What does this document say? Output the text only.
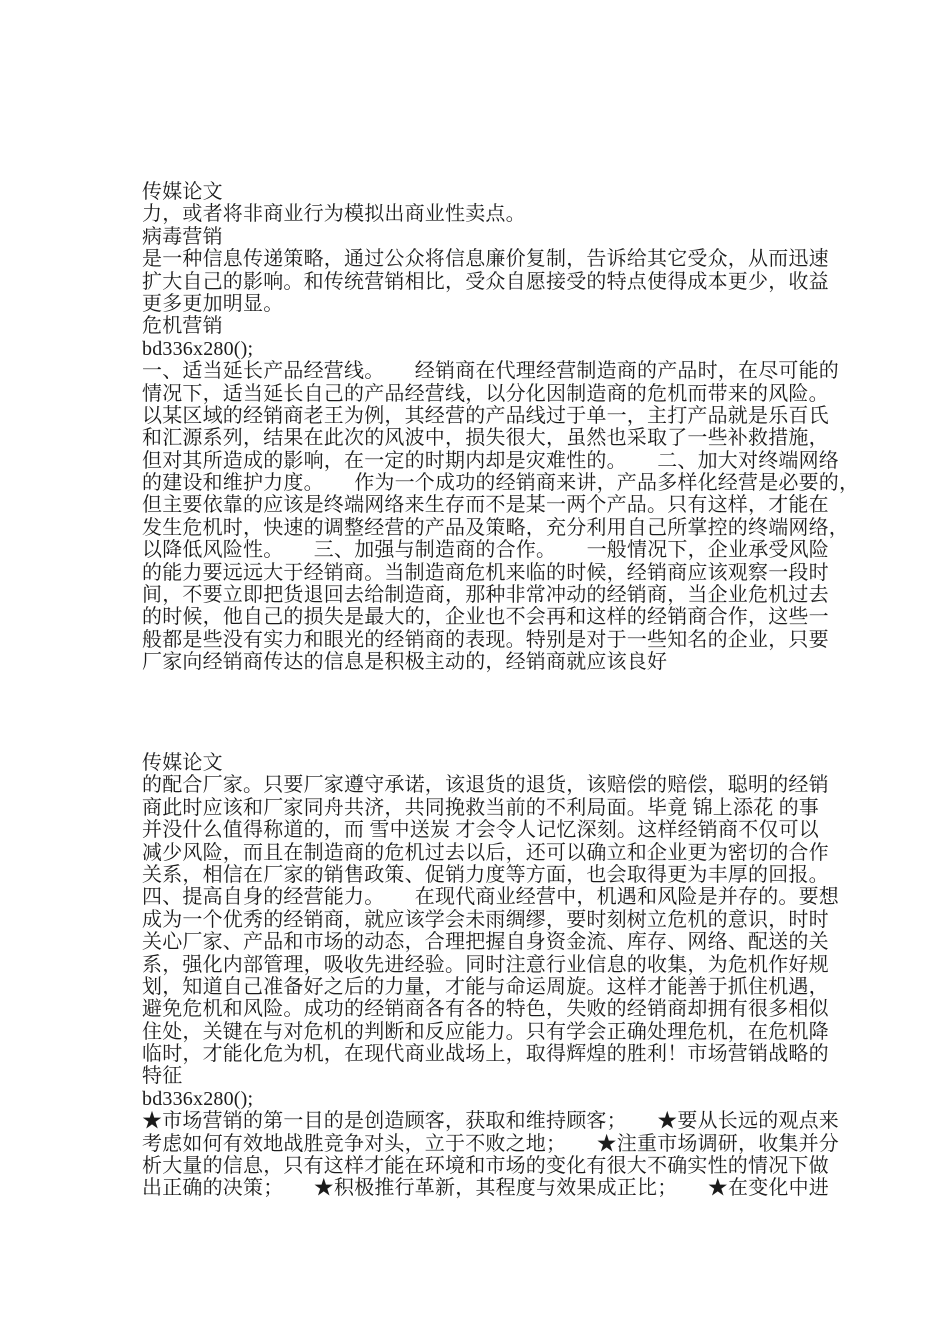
传媒论文
力，或者将非商业行为模拟出商业性卖点。
病毒营销
是一种信息传递策略，通过公众将信息廉价复制，告诉给其它受众，从而迅速
扩大自己的影响。和传统营销相比，受众自愿接受的特点使得成本更少，收益
更多更加明显。
危机营销
bd336x280();
一、适当延长产品经营线。　　经销商在代理经营制造商的产品时，在尽可能的
情况下，适当延长自己的产品经营线，以分化因制造商的危机而带来的风险。
以某区域的经销商老王为例，其经营的产品线过于单一，主打产品就是乐百氏
和汇源系列，结果在此次的风波中，损失很大，虽然也采取了一些补救措施，
但对其所造成的影响，在一定的时期内却是灾难性的。　　二、加大对终端网络
的建设和维护力度。　　作为一个成功的经销商来讲，产品多样化经营是必要的，
但主要依靠的应该是终端网络来生存而不是某一两个产品。只有这样，才能在
发生危机时，快速的调整经营的产品及策略，充分利用自己所掌控的终端网络，
以降低风险性。　　三、加强与制造商的合作。　　一般情况下，企业承受风险
的能力要远远大于经销商。当制造商危机来临的时候，经销商应该观察一段时
间，不要立即把货退回去给制造商，那种非常冲动的经销商，当企业危机过去
的时候，他自己的损失是最大的，企业也不会再和这样的经销商合作，这些一
般都是些没有实力和眼光的经销商的表现。特别是对于一些知名的企业，只要
厂家向经销商传达的信息是积极主动的，经销商就应该良好
传媒论文
的配合厂家。只要厂家遵守承诺，该退货的退货，该赔偿的赔偿，聪明的经销
商此时应该和厂家同舟共济，共同挽救当前的不利局面。毕竟 锦上添花 的事
并没什么值得称道的，而 雪中送炭 才会令人记忆深刻。这样经销商不仅可以
减少风险，而且在制造商的危机过去以后，还可以确立和企业更为密切的合作
关系，相信在厂家的销售政策、促销力度等方面，也会取得更为丰厚的回报。
四、提高自身的经营能力。　　在现代商业经营中，机遇和风险是并存的。要想
成为一个优秀的经销商，就应该学会未雨绸缪，要时刻树立危机的意识，时时
关心厂家、产品和市场的动态，合理把握自身资金流、库存、网络、配送的关
系，强化内部管理，吸收先进经验。同时注意行业信息的收集，为危机作好规
划，知道自己准备好之后的力量，才能与命运周旋。这样才能善于抓住机遇，
避免危机和风险。成功的经销商各有各的特色，失败的经销商却拥有很多相似
住处，关键在与对危机的判断和反应能力。只有学会正确处理危机，在危机降
临时，才能化危为机，在现代商业战场上，取得辉煌的胜利！市场营销战略的
特征
bd336x280();
★市场营销的第一目的是创造顾客，获取和维持顾客；　　★要从长远的观点来
考虑如何有效地战胜竞争对头，立于不败之地；　　★注重市场调研，收集并分
析大量的信息，只有这样才能在环境和市场的变化有很大不确实性的情况下做
出正确的决策；　　★积极推行革新，其程度与效果成正比；　　★在变化中进
